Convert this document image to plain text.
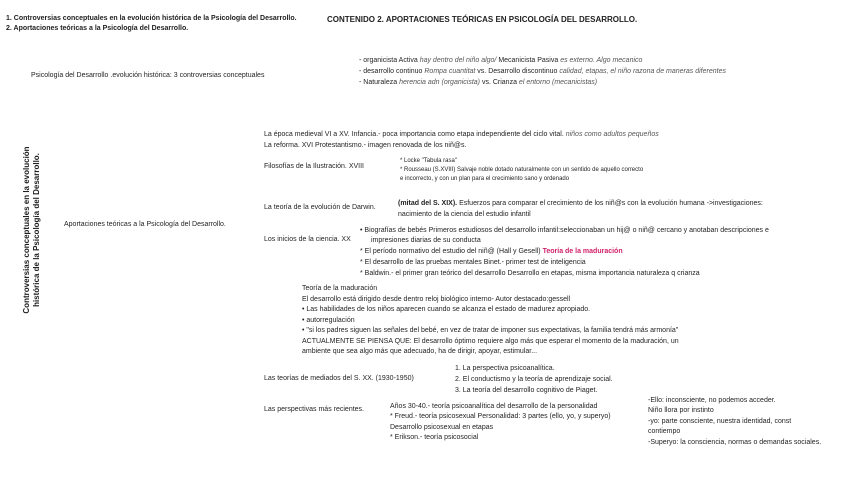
1. Controversias conceptuales en la evolución histórica de la Psicología del Desarrollo.
2. Aportaciones teóricas a la Psicología del Desarrollo.
CONTENIDO 2. APORTACIONES TEÓRICAS EN PSICOLOGÍA DEL DESARROLLO.
Psicología del Desarrollo .evolución histórica: 3 controversias conceptuales
- organicista Activa hay dentro del niño algo/ Mecanicista Pasiva es externo. Algo mecanico
- desarrollo continuo Rompa cuantitat vs. Desarrollo discontinuo calidad, etapas, el niño razona de maneras diferentes
- Naturaleza herencia adn (organicista) vs. Crianza el entorno (mecanicistas)
Controversias conceptuales en la evolución histórica de la Psicología del Desarrollo.	Aportaciones teóricas a la Psicología del Desarrollo.
La época medieval VI a XV. Infancia.- poca importancia como etapa independiente del ciclo vital. niños como adultos pequeños
La reforma. XVI Protestantismo.- imagen renovada de los niñ@s.
Filosofías de la Ilustración. XVIII
* Locke "Tabula rasa"
* Rousseau (S.XVIII) Salvaje noble dotado naturalmente con un sentido de aquello correcto
e incorrecto, y con un plan para el crecimiento sano y ordenado
La teoría de la evolución de Darwin.
(mitad del S. XIX). Esfuerzos para comparar el crecimiento de los niñ@s con la evolución humana ->investigaciones:
nacimiento de la ciencia del estudio infantil
Los inicios de la ciencia. XX
• Biografías de bebés Primeros estudiosos del desarrollo infantil:seleccionaban un hij@ o niñ@ cercano y anotaban descripciones e
impresiones diarias de su conducta
* El período normativo del estudio del niñ@ (Hall y Gesell) Teoría de la maduración
* El desarrollo de las pruebas mentales Binet.- primer test de inteligencia
* Baldwin.- el primer gran teórico del desarrollo Desarrollo en etapas, misma importancia naturaleza q crianza
Teoría de la maduración
El desarrollo está dirigido desde dentro reloj biológico interno- Autor destacado:gessell
• Las habilidades de los niños aparecen cuando se alcanza el estado de madurez apropiado.
• autorregulación
• "si los padres siguen las señales del bebé, en vez de tratar de imponer sus expectativas, la familia tendrá más armonía"
ACTUALMENTE SE PIENSA QUE: El desarrollo óptimo requiere algo más que esperar el momento de la maduración, un
ambiente que sea algo más que adecuado, ha de dirigir, apoyar, estimular...
Las teorías de mediados del S. XX. (1930-1950)
1. La perspectiva psicoanalítica.
2. El conductismo y la teoría de aprendizaje social.
3. La teoría del desarrollo cognitivo de Piaget.
Las perspectivas más recientes.	Años 30-40.- teoría psicoanalítica del desarrollo de la personalidad
* Freud.- teoría psicosexual Personalidad: 3 partes (ello, yo, y superyo)
Desarrollo psicosexual en etapas
* Erikson.- teoría psicosocial
-Ello: inconsciente, no podemos acceder.
Niño llora por instinto
-yo: parte consciente, nuestra identidad, const
contiempo
-Superyo: la consciencia, normas o demandas sociales.
